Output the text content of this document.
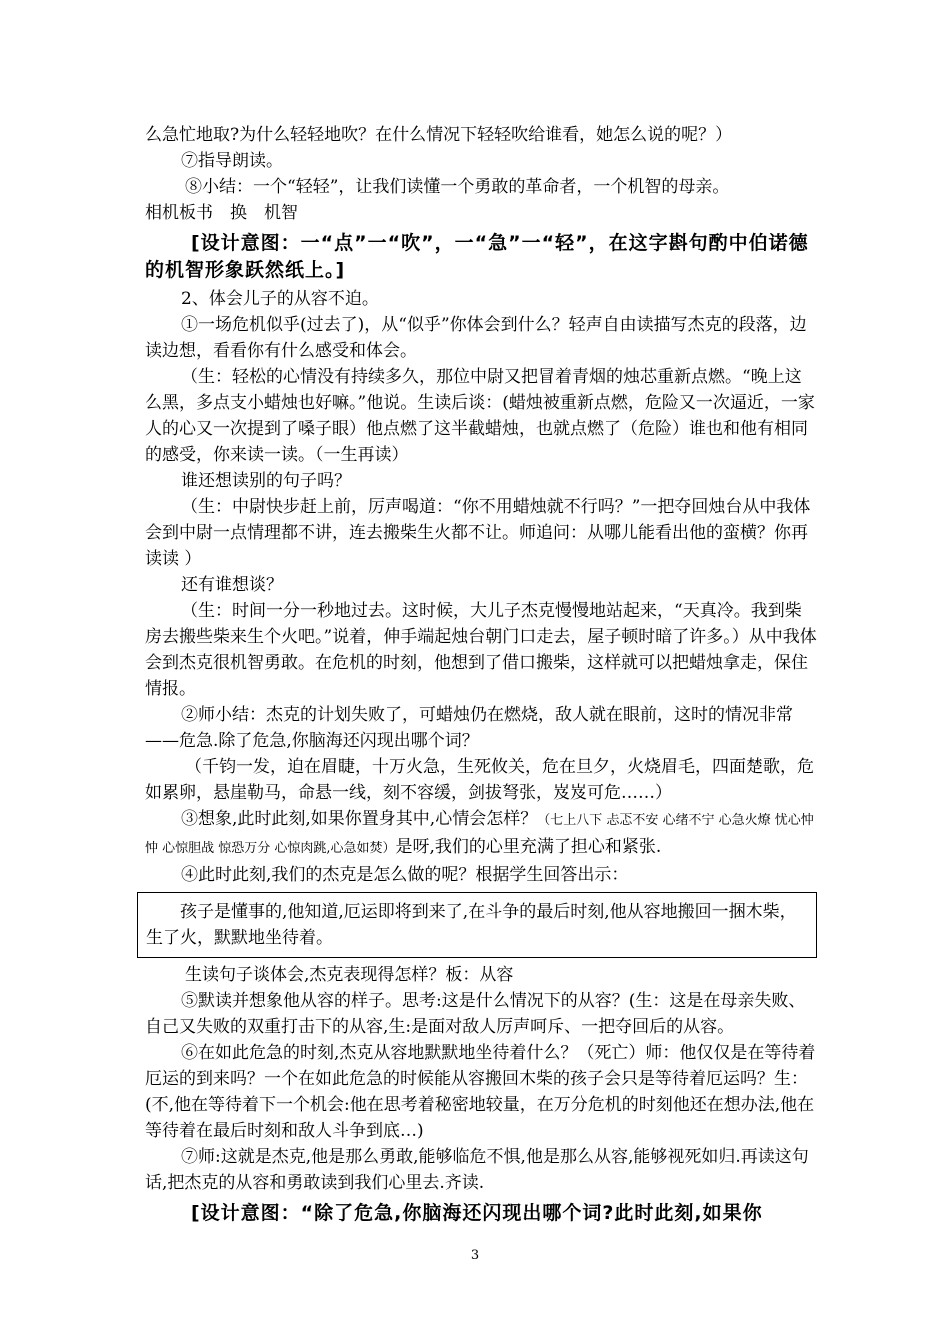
么急忙地取?为什么轻轻地吹？在什么情况下轻轻吹给谁看，她怎么说的呢？）

⑦指导朗读。

⑧小结：一个“轻轻”，让我们读懂一个勇敢的革命者，一个机智的母亲。

相机板书　换　机智

[设计意图：一“点”一“吹”，一“急”一“轻”，在这字斟句酌中伯诺德的机智形象跃然纸上。]

2、体会儿子的从容不迫。

①一场危机似乎(过去了)，从“似乎”你体会到什么？轻声自由读描写杰克的段落，边读边想，看看你有什么感受和体会。

（生：轻松的心情没有持续多久，那位中尉又把冒着青烟的烛芯重新点燃。“晚上这么黑，多点支小蜡烛也好嘛。”他说。生读后谈：(蜡烛被重新点燃，危险又一次逼近，一家人的心又一次提到了嗓子眼）他点燃了这半截蜡烛，也就点燃了（危险）谁也和他有相同的感受，你来读一读。（一生再读）

谁还想读别的句子吗？

（生：中尉快步赶上前，厉声喝道：“你不用蜡烛就不行吗？”一把夺回烛台从中我体会到中尉一点情理都不讲，连去搬柴生火都不让。师追问：从哪儿能看出他的蛮横？你再读读 ）

还有谁想谈？

（生：时间一分一秒地过去。这时候，大儿子杰克慢慢地站起来，“天真冷。我到柴房去搬些柴来生个火吧。”说着，伸手端起烛台朝门口走去，屋子顿时暗了许多。）从中我体会到杰克很机智勇敢。在危机的时刻，他想到了借口搬柴，这样就可以把蜡烛拿走，保住情报。

②师小结：杰克的计划失败了，可蜡烛仍在燃烧，敌人就在眼前，这时的情况非常——危急.除了危急,你脑海还闪现出哪个词？

（千钧一发，迫在眉睫，十万火急，生死攸关，危在旦夕，火烧眉毛，四面楚歌，危如累卵，悬崖勒马，命悬一线，刻不容缓，剑拔弩张，岌岌可危……）

③想象,此时此刻,如果你置身其中,心情会怎样？（七上八下 忐忑不安 心绪不宁 心急火燎 忧心忡忡 心惊胆战 惊恐万分 心惊肉跳,心急如焚）是呀,我们的心里充满了担心和紧张.

④此时此刻,我们的杰克是怎么做的呢？根据学生回答出示：

孩子是懂事的,他知道,厄运即将到来了,在斗争的最后时刻,他从容地搬回一捆木柴，生了火，默默地坐待着。

生读句子谈体会,杰克表现得怎样？板：从容

⑤默读并想象他从容的样子。思考:这是什么情况下的从容？(生：这是在母亲失败、自己又失败的双重打击下的从容,生:是面对敌人厉声呵斥、一把夺回后的从容。

⑥在如此危急的时刻,杰克从容地默默地坐待着什么？（死亡）师：他仅仅是在等待着厄运的到来吗？一个在如此危急的时候能从容搬回木柴的孩子会只是等待着厄运吗？生：(不,他在等待着下一个机会:他在思考着秘密地较量，在万分危机的时刻他还在想办法,他在等待着在最后时刻和敌人斗争到底…)

⑦师:这就是杰克,他是那么勇敢,能够临危不惧,他是那么从容,能够视死如归.再读这句话,把杰克的从容和勇敢读到我们心里去.齐读.

[设计意图：“除了危急,你脑海还闪现出哪个词?此时此刻,如果你

3
